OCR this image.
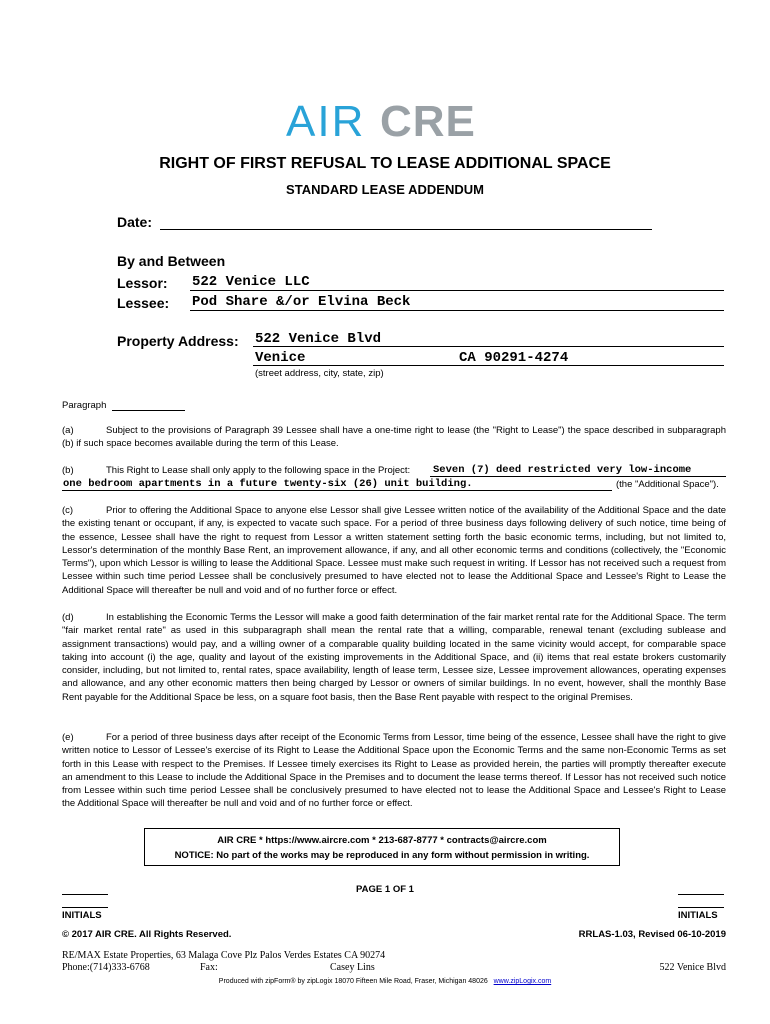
AIR CRE
RIGHT OF FIRST REFUSAL TO LEASE ADDITIONAL SPACE
STANDARD LEASE ADDENDUM
Date:
By and Between
Lessor: 522 Venice LLC
Lessee: Pod Share &/or Elvina Beck
Property Address: 522 Venice Blvd
Venice	CA 90291-4274
(street address, city, state, zip)
Paragraph
(a)	Subject to the provisions of Paragraph 39 Lessee shall have a one-time right to lease (the "Right to Lease") the space described in subparagraph (b) if such space becomes available during the term of this Lease.
(b)	This Right to Lease shall only apply to the following space in the Project:	Seven (7) deed restricted very low-income
one bedroom apartments in a future twenty-six (26) unit building.	(the "Additional Space").
(c)	Prior to offering the Additional Space to anyone else Lessor shall give Lessee written notice of the availability of the Additional Space and the date the existing tenant or occupant, if any, is expected to vacate such space. For a period of three business days following delivery of such notice, time being of the essence, Lessee shall have the right to request from Lessor a written statement setting forth the basic economic terms, including, but not limited to, Lessor's determination of the monthly Base Rent, an improvement allowance, if any, and all other economic terms and conditions (collectively, the "Economic Terms"), upon which Lessor is willing to lease the Additional Space. Lessee must make such request in writing. If Lessor has not received such a request from Lessee within such time period Lessee shall be conclusively presumed to have elected not to lease the Additional Space and Lessee's Right to Lease the Additional Space will thereafter be null and void and of no further force or effect.
(d)	In establishing the Economic Terms the Lessor will make a good faith determination of the fair market rental rate for the Additional Space. The term "fair market rental rate" as used in this subparagraph shall mean the rental rate that a willing, comparable, renewal tenant (excluding sublease and assignment transactions) would pay, and a willing owner of a comparable quality building located in the same vicinity would accept, for comparable space taking into account (i) the age, quality and layout of the existing improvements in the Additional Space, and (ii) items that real estate brokers customarily consider, including, but not limited to, rental rates, space availability, length of lease term, Lessee size, Lessee improvement allowances, operating expenses and allowance, and any other economic matters then being charged by Lessor or owners of similar buildings. In no event, however, shall the monthly Base Rent payable for the Additional Space be less, on a square foot basis, then the Base Rent payable with respect to the original Premises.
(e)	For a period of three business days after receipt of the Economic Terms from Lessor, time being of the essence, Lessee shall have the right to give written notice to Lessor of Lessee's exercise of its Right to Lease the Additional Space upon the Economic Terms and the same non-Economic Terms as set forth in this Lease with respect to the Premises. If Lessee timely exercises its Right to Lease as provided herein, the parties will promptly thereafter execute an amendment to this Lease to include the Additional Space in the Premises and to document the lease terms thereof. If Lessor has not received such notice from Lessee within such time period Lessee shall be conclusively presumed to have elected not to lease the Additional Space and Lessee's Right to Lease the Additional Space will thereafter be null and void and of no further force or effect.
AIR CRE * https://www.aircre.com * 213-687-8777 * contracts@aircre.com
NOTICE: No part of the works may be reproduced in any form without permission in writing.
PAGE 1 OF 1
INITIALS	INITIALS
© 2017 AIR CRE. All Rights Reserved.	RRLAS-1.03, Revised 06-10-2019
RE/MAX Estate Properties, 63 Malaga Cove Plz Palos Verdes Estates CA 90274
Phone:(714)333-6768	Fax:	Casey Lins	522 Venice Blvd
Produced with zipForm® by zipLogix 18070 Fifteen Mile Road, Fraser, Michigan 48026 www.zipLogix.com
